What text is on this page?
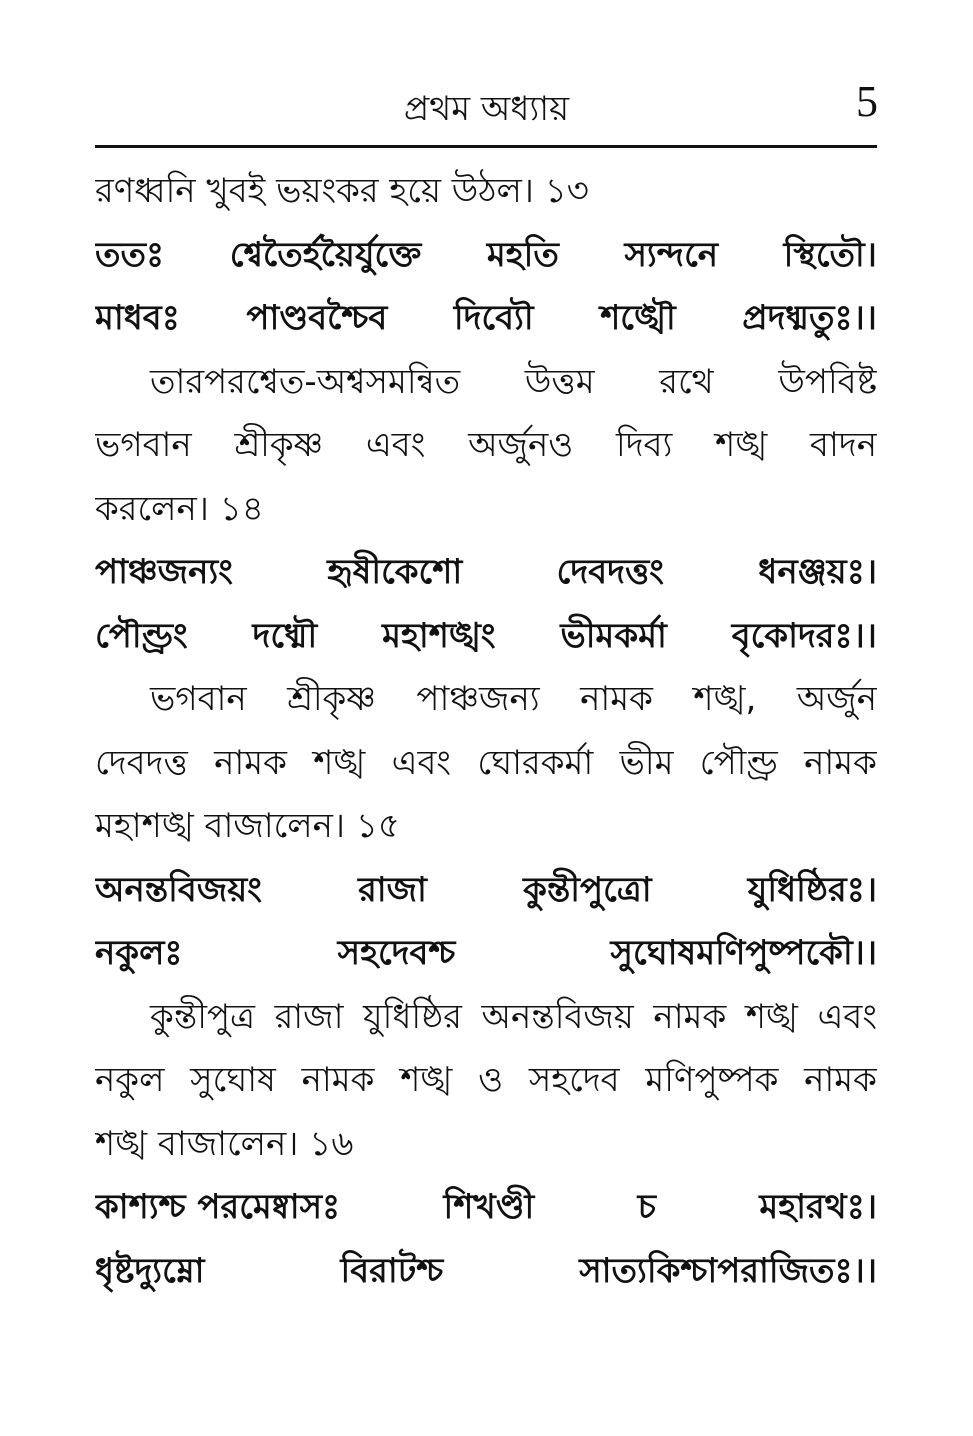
প্রথম অধ্যায়	5
রণধ্বনি খুবই ভয়ংকর হয়ে উঠল। ১৩
ততঃ শ্বেতৈর্হয়ৈর্যুক্তে মহতি স্যন্দনে স্থিতৌ।
মাধবঃ পাণ্ডবশ্চৈব দিব্যৌ শঙ্খৌ প্রদধ্মতুঃ।।
তারপরশ্বেত-অশ্বসমন্বিত উত্তম রথে উপবিষ্ট
ভগবান শ্রীকৃষ্ণ এবং অর্জুনও দিব্য শঙ্খ বাদন
করলেন। ১৪
পাঞ্চজন্যং	হৃষীকেশো	দেবদত্তং	ধনঞ্জয়ঃ।
পৌণ্ড্রং দধ্মৌ মহাশঙ্খং ভীমকর্মা বৃকোদরঃ।।
ভগবান শ্রীকৃষ্ণ পাঞ্চজন্য নামক শঙ্খ, অর্জুন
দেবদত্ত নামক শঙ্খ এবং ঘোরকর্মা ভীম পৌণ্ড্র নামক
মহাশঙ্খ বাজালেন। ১৫
অনন্তবিজয়ং	রাজা	কুন্তীপুত্রো	যুধিষ্ঠিরঃ।
নকুলঃ	সহদেবশ্চ	সুঘোষমণিপুষ্পকৌ।।
কুন্তীপুত্র রাজা যুধিষ্ঠির অনন্তবিজয় নামক শঙ্খ এবং
নকুল সুঘোষ নামক শঙ্খ ও সহদেব মণিপুষ্পক নামক
শঙ্খ বাজালেন। ১৬
কাশ্যশ্চ পরমেষ্বাসঃ	শিখণ্ডী	চ	মহারথঃ।
ধৃষ্টদ্যুম্নো	বিরাটশ্চ	সাত্যকিশ্চাপরাজিতঃ।।
